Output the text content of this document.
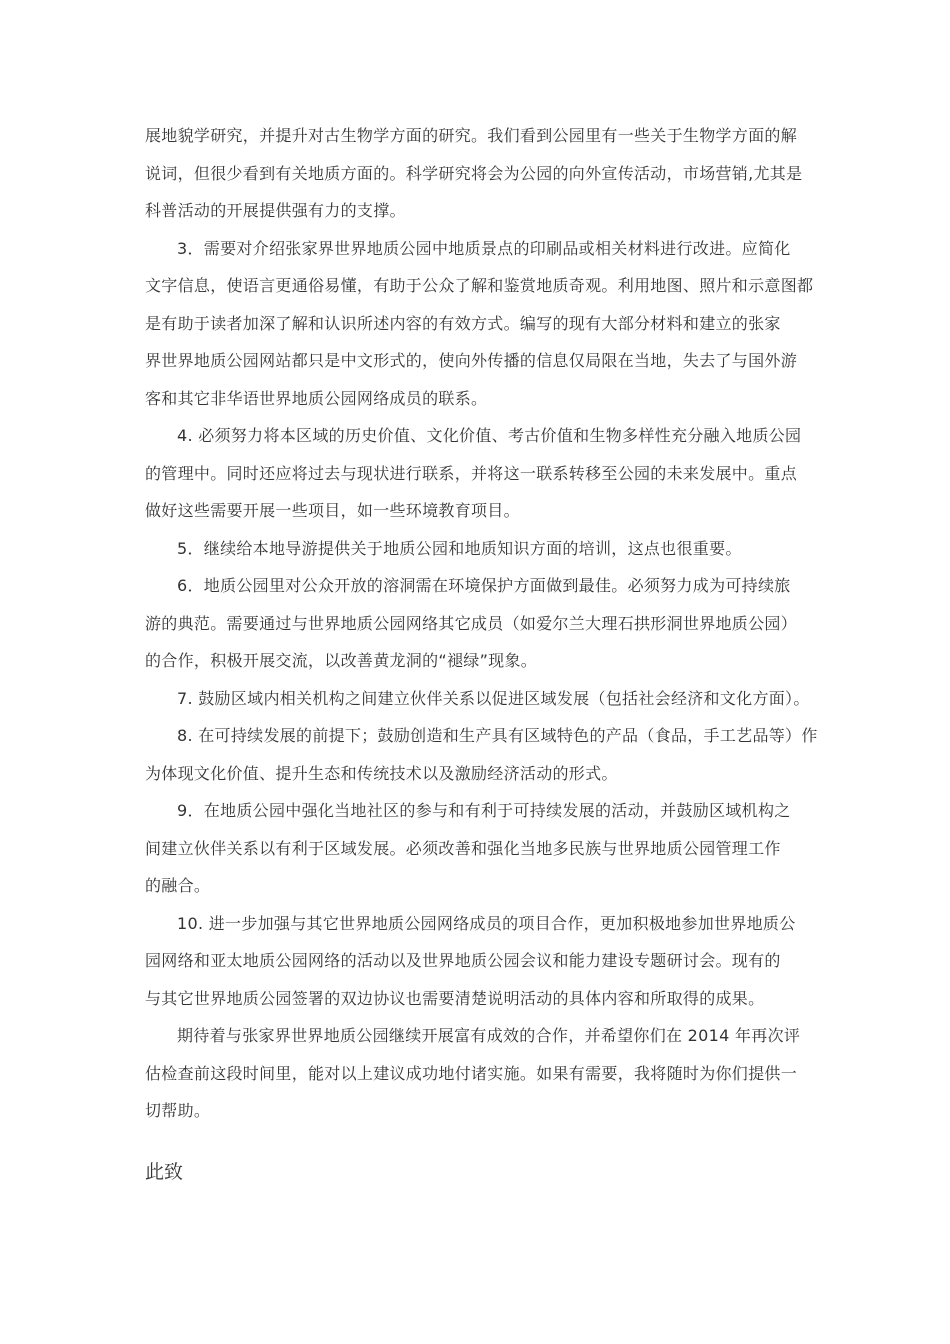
展地貌学研究，并提升对古生物学方面的研究。我们看到公园里有一些关于生物学方面的解
说词，但很少看到有关地质方面的。科学研究将会为公园的向外宣传活动，市场营销,尤其是
科普活动的开展提供强有力的支撑。
3．需要对介绍张家界世界地质公园中地质景点的印刷品或相关材料进行改进。应简化
文字信息，使语言更通俗易懂，有助于公众了解和鉴赏地质奇观。利用地图、照片和示意图都
是有助于读者加深了解和认识所述内容的有效方式。编写的现有大部分材料和建立的张家
界世界地质公园网站都只是中文形式的，使向外传播的信息仅局限在当地，失去了与国外游
客和其它非华语世界地质公园网络成员的联系。
4. 必须努力将本区域的历史价值、文化价值、考古价值和生物多样性充分融入地质公园
的管理中。同时还应将过去与现状进行联系，并将这一联系转移至公园的未来发展中。重点
做好这些需要开展一些项目，如一些环境教育项目。
5．继续给本地导游提供关于地质公园和地质知识方面的培训，这点也很重要。
6．地质公园里对公众开放的溶洞需在环境保护方面做到最佳。必须努力成为可持续旅
游的典范。需要通过与世界地质公园网络其它成员（如爱尔兰大理石拱形洞世界地质公园）
的合作，积极开展交流，以改善黄龙洞的“褪绿”现象。
7. 鼓励区域内相关机构之间建立伙伴关系以促进区域发展（包括社会经济和文化方面）。
8. 在可持续发展的前提下；鼓励创造和生产具有区域特色的产品（食品，手工艺品等）作
为体现文化价值、提升生态和传统技术以及激励经济活动的形式。
9．在地质公园中强化当地社区的参与和有利于可持续发展的活动，并鼓励区域机构之
间建立伙伴关系以有利于区域发展。必须改善和强化当地多民族与世界地质公园管理工作
的融合。
10. 进一步加强与其它世界地质公园网络成员的项目合作，更加积极地参加世界地质公
园网络和亚太地质公园网络的活动以及世界地质公园会议和能力建设专题研讨会。现有的
与其它世界地质公园签署的双边协议也需要清楚说明活动的具体内容和所取得的成果。
期待着与张家界世界地质公园继续开展富有成效的合作，并希望你们在 2014 年再次评
估检查前这段时间里，能对以上建议成功地付诸实施。如果有需要，我将随时为你们提供一
切帮助。
此致
